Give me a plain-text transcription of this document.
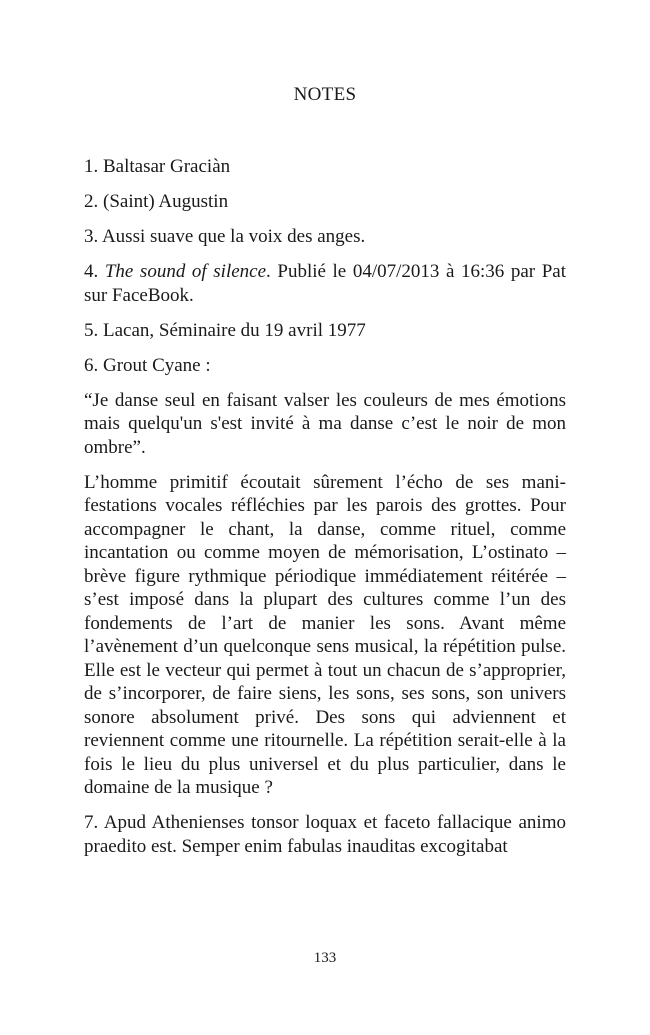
NOTES

1. Baltasar Graciàn

2. (Saint) Augustin

3. Aussi suave que la voix des anges.

4. The sound of silence. Publié le 04/07/2013 à 16:36 par Pat sur FaceBook.

5. Lacan, Séminaire du 19 avril 1977

6. Grout Cyane :

“Je danse seul en faisant valser les couleurs de mes émotions mais quelqu'un s'est invité à ma danse c’est le noir de mon ombre”.

L’homme primitif écoutait sûrement l’écho de ses mani-festations vocales réfléchies par les parois des grottes. Pour accompagner le chant, la danse, comme rituel, comme incantation ou comme moyen de mémorisation, L’ostinato – brève figure rythmique périodique immédiatement réitérée – s’est imposé dans la plupart des cultures comme l’un des fondements de l’art de manier les sons. Avant même l’avènement d’un quelconque sens musical, la répétition pulse. Elle est le vecteur qui permet à tout un chacun de s’approprier, de s’incorporer, de faire siens, les sons, ses sons, son univers sonore absolument privé. Des sons qui adviennent et reviennent comme une ritournelle. La répétition serait-elle à la fois le lieu du plus universel et du plus particulier, dans le domaine de la musique ?

7. Apud Athenienses tonsor loquax et faceto fallacique animo praedito est. Semper enim fabulas inauditas excogitabat

133
